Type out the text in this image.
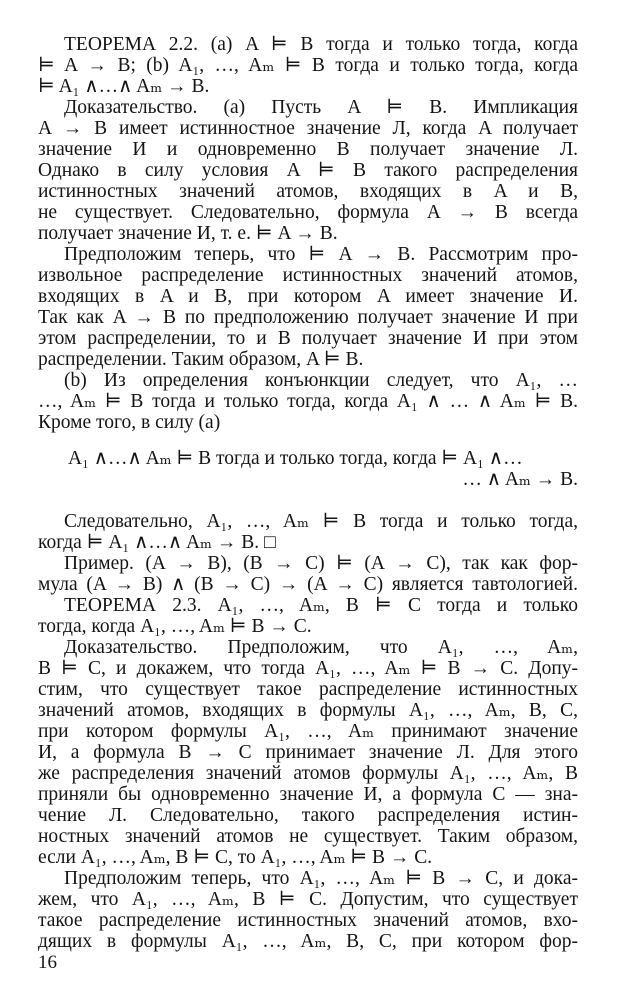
ТЕОРЕМА 2.2. (a) A ⊨ B тогда и только тогда, когда
⊨ A → B; (b) A₁, …, Aₘ ⊨ B тогда и только тогда, когда
⊨ A₁ ∧…∧ Aₘ → B.
Доказательство. (a) Пусть A ⊨ B. Импликация
A → B имеет истинностное значение Л, когда A получает
значение И и одновременно B получает значение Л.
Однако в силу условия A ⊨ B такого распределения
истинностных значений атомов, входящих в A и B,
не существует. Следовательно, формула A → B всегда
получает значение И, т. е. ⊨ A → B.
Предположим теперь, что ⊨ A → B. Рассмотрим про-
извольное распределение истинностных значений атомов,
входящих в A и B, при котором A имеет значение И.
Так как A → B по предположению получает значение И при
этом распределении, то и B получает значение И при этом
распределении. Таким образом, A ⊨ B.
(b) Из определения конъюнкции следует, что A₁, …
…, Aₘ ⊨ B тогда и только тогда, когда A₁ ∧ … ∧ Aₘ ⊨ B.
Кроме того, в силу (a)
A₁ ∧…∧ Aₘ ⊨ B тогда и только тогда, когда ⊨ A₁ ∧…
… ∧ Aₘ → B.
Следовательно, A₁, …, Aₘ ⊨ B тогда и только тогда,
когда ⊨ A₁ ∧…∧ Aₘ → B. □
Пример. (A → B), (B → C) ⊨ (A → C), так как фор-
мула (A → B) ∧ (B → C) → (A → C) является тавтологией.
ТЕОРЕМА 2.3. A₁, …, Aₘ, B ⊨ C тогда и только
тогда, когда A₁, …, Aₘ ⊨ B → C.
Доказательство. Предположим, что A₁, …, Aₘ,
B ⊨ C, и докажем, что тогда A₁, …, Aₘ ⊨ B → C. Допу-
стим, что существует такое распределение истинностных
значений атомов, входящих в формулы A₁, …, Aₘ, B, C,
при котором формулы A₁, …, Aₘ принимают значение
И, а формула B → C принимает значение Л. Для этого
же распределения значений атомов формулы A₁, …, Aₘ, B
приняли бы одновременно значение И, а формула C — зна-
чение Л. Следовательно, такого распределения истин-
ностных значений атомов не существует. Таким образом,
если A₁, …, Aₘ, B ⊨ C, то A₁, …, Aₘ ⊨ B → C.
Предположим теперь, что A₁, …, Aₘ ⊨ B → C, и дока-
жем, что A₁, …, Aₘ, B ⊨ C. Допустим, что существует
такое распределение истинностных значений атомов, вхо-
дящих в формулы A₁, …, Aₘ, B, C, при котором фор-
16
